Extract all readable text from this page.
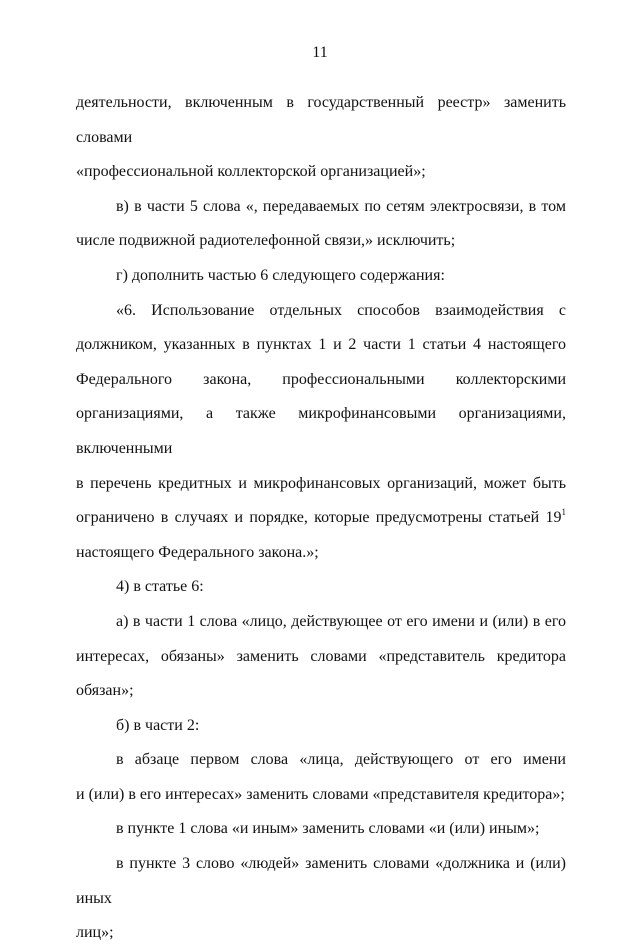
11

деятельности, включенным в государственный реестр» заменить словами
«профессиональной коллекторской организацией»;

в) в части 5 слова «, передаваемых по сетям электросвязи, в том
числе подвижной радиотелефонной связи,» исключить;

г) дополнить частью 6 следующего содержания:

«6. Использование отдельных способов взаимодействия с
должником, указанных в пунктах 1 и 2 части 1 статьи 4 настоящего
Федерального закона, профессиональными коллекторскими
организациями, а также микрофинансовыми организациями, включенными
в перечень кредитных и микрофинансовых организаций, может быть
ограничено в случаях и порядке, которые предусмотрены статьей $19^1$
настоящего Федерального закона.»;

4) в статье 6:

а) в части 1 слова «лицо, действующее от его имени и (или) в его
интересах, обязаны» заменить словами «представитель кредитора обязан»;

б) в части 2:

в абзаце первом слова «лица, действующего от его имени
и (или) в его интересах» заменить словами «представителя кредитора»;

в пункте 1 слова «и иным» заменить словами «и (или) иным»;

в пункте 3 слово «людей» заменить словами «должника и (или) иных
лиц»;
